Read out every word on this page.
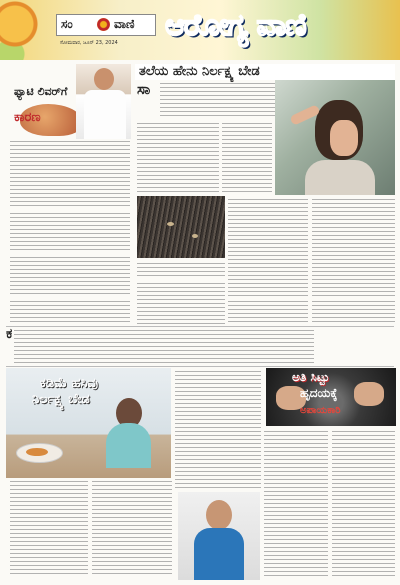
ಸಂ	ವಾಣಿ
ಸೋಮವಾರ, ಜೂನ್ 23, 2024 ಆರೋಗ್ಯ ವಾಣಿ
ಫ್ಯಾಟಿ ಲಿವರ್‌ಗೆ
ಕಾರಣ
ತಲೆಯ ಹೇನು ನಿರ್ಲಕ್ಷ್ಯ ಬೇಡ
ಸಾ
ಕ
ಕಡಿಮೆ ಹಸಿವು
ನಿರ್ಲಕ್ಷ್ಯ ಬೇಡ
ಅತಿ ಸಿಟ್ಟು
ಹೃದಯಕ್ಕೆ
ಅಪಾಯಕಾರಿ
